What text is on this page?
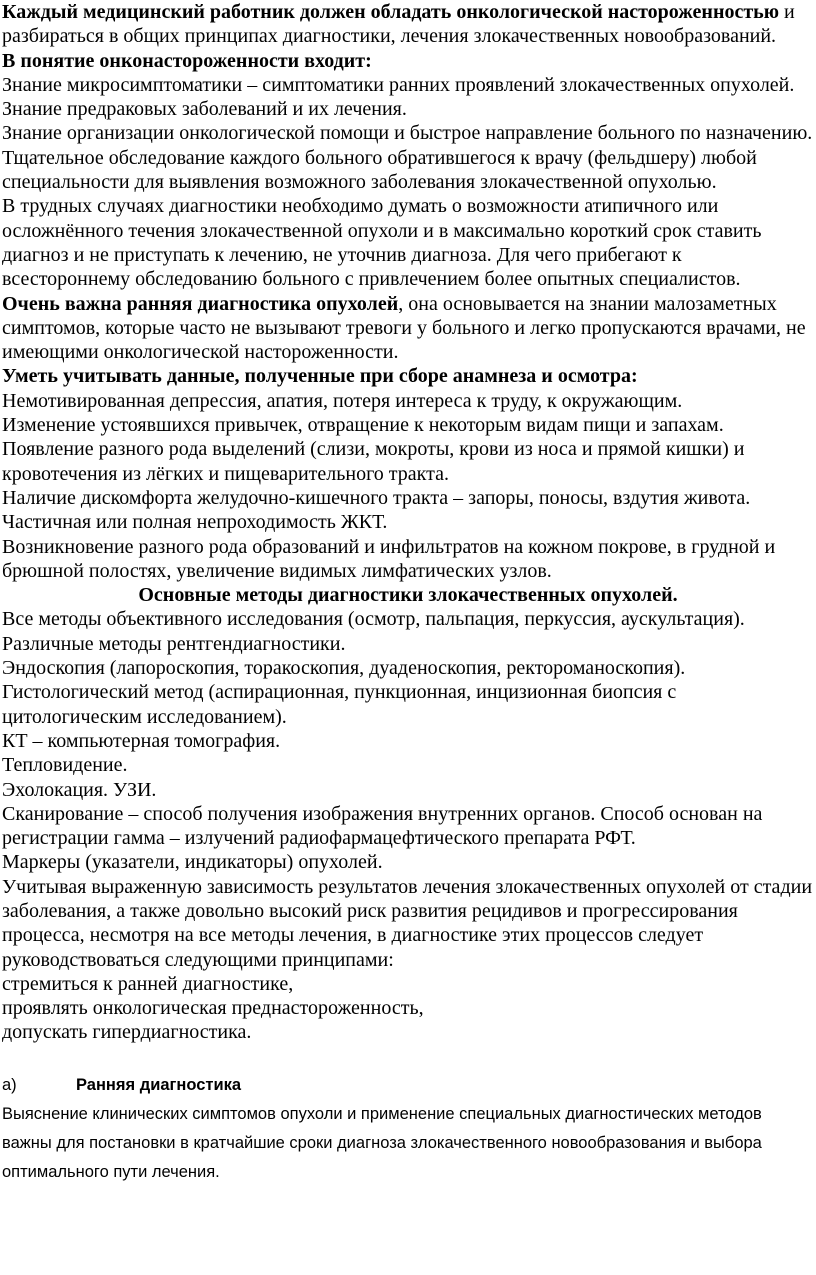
Каждый медицинский работник должен обладать онкологической настороженностью и разбираться в общих принципах диагностики, лечения злокачественных новообразований.

В понятие онконастороженности входит:

Знание микросимптоматики – симптоматики ранних проявлений злокачественных опухолей.

Знание предраковых заболеваний и их лечения.

Знание организации онкологической помощи и быстрое направление больного по назначению.

Тщательное обследование каждого больного обратившегося к врачу (фельдшеру) любой специальности для выявления возможного заболевания злокачественной опухолью.

В трудных случаях диагностики необходимо думать о возможности атипичного или осложнённого течения злокачественной опухоли и в максимально короткий срок ставить диагноз и не приступать к лечению, не уточнив диагноза. Для чего прибегают к всестороннему обследованию больного с привлечением более опытных специалистов.

Очень важна ранняя диагностика опухолей, она основывается на знании малозаметных симптомов, которые часто не вызывают тревоги у больного и легко пропускаются врачами, не имеющими онкологической настороженности.

Уметь учитывать данные, полученные при сборе анамнеза и осмотра:

Немотивированная депрессия, апатия, потеря интереса к труду, к окружающим.

Изменение устоявшихся привычек, отвращение к некоторым видам пищи и запахам.

Появление разного рода выделений (слизи, мокроты, крови из носа и прямой кишки) и кровотечения из лёгких и пищеварительного тракта.

Наличие дискомфорта желудочно-кишечного тракта – запоры, поносы, вздутия живота.

Частичная или полная непроходимость ЖКТ.

Возникновение разного рода образований и инфильтратов на кожном покрове, в грудной и брюшной полостях, увеличение видимых лимфатических узлов.

Основные методы диагностики злокачественных опухолей.

Все методы объективного исследования (осмотр, пальпация, перкуссия, аускультация).

Различные методы рентгендиагностики.

Эндоскопия (лапороскопия, торакоскопия, дуаденоскопия, ректороманоскопия).

Гистологический метод (аспирационная, пункционная, инцизионная биопсия с цитологическим исследованием).

КТ – компьютерная томография.

Тепловидение.

Эхолокация. УЗИ.

Сканирование – способ получения изображения внутренних органов. Способ основан на регистрации гамма – излучений радиофармацефтического препарата РФТ.

Маркеры (указатели, индикаторы) опухолей.

Учитывая выраженную зависимость результатов лечения злокачественных опухолей от стадии заболевания, а также довольно высокий риск развития рецидивов и прогрессирования процесса, несмотря на все методы лечения, в диагностике этих процессов следует руководствоваться следующими принципами:

стремиться к ранней диагностике,

проявлять онкологическая преднастороженность,

допускать гипердиагностика.

а)	Ранняя диагностика

Выяснение клинических симптомов опухоли и применение специальных диагностических методов важны для постановки в кратчайшие сроки диагноза злокачественного новообразования и выбора оптимального пути лечения.
